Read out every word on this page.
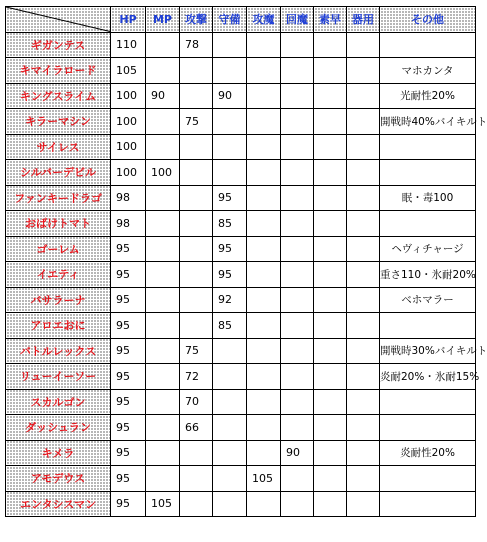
	HP	MP	攻撃	守備	攻魔	回魔	素早	器用	その他
ギガンテス	110		78						
キマイラロード	105								マホカンタ
キングスライム	100	90		90					光耐性20%
キラーマシン	100		75						開戦時40%バイキルト
サイレス	100								
シルバーデビル	100	100							
ファンキードラゴ	98			95					眠・毒100
おばけトマト	98			85					
ゴーレム	95			95					ヘヴィチャージ
イエティ	95			95					重さ110・氷耐20%
バサラーナ	95			92					ベホマラー
アロエおに	95			85					
バトルレックス	95		75						開戦時30%バイキルト
リューイーソー	95		72						炎耐20%・氷耐15%
スカルゴン	95		70						
ダッシュラン	95		66						
キメラ	95					90			炎耐性20%
アモデウス	95				105				
エンタシスマン	95	105							
